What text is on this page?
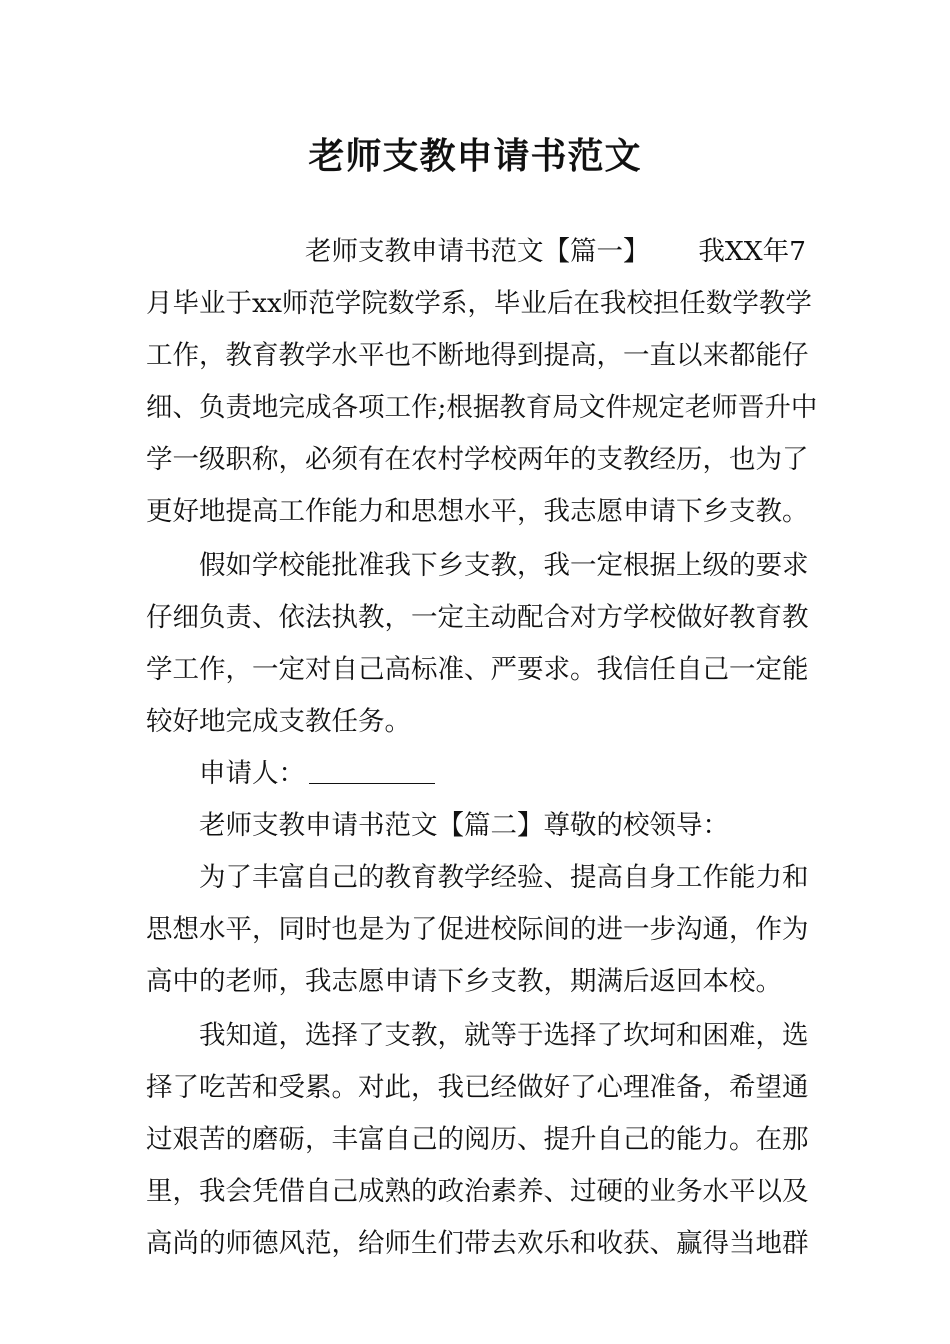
老师支教申请书范文
老师支教申请书范文【篇一】 我XX年7
月毕业于xx师范学院数学系，毕业后在我校担任数学教学
工作，教育教学水平也不断地得到提高，一直以来都能仔
细、负责地完成各项工作;根据教育局文件规定老师晋升中
学一级职称，必须有在农村学校两年的支教经历，也为了
更好地提高工作能力和思想水平，我志愿申请下乡支教。
假如学校能批准我下乡支教，我一定根据上级的要求
仔细负责、依法执教，一定主动配合对方学校做好教育教
学工作，一定对自己高标准、严要求。我信任自己一定能
较好地完成支教任务。
申请人：
老师支教申请书范文【篇二】尊敬的校领导：
为了丰富自己的教育教学经验、提高自身工作能力和
思想水平，同时也是为了促进校际间的进一步沟通，作为
高中的老师，我志愿申请下乡支教，期满后返回本校。
我知道，选择了支教，就等于选择了坎坷和困难，选
择了吃苦和受累。对此，我已经做好了心理准备，希望通
过艰苦的磨砺，丰富自己的阅历、提升自己的能力。在那
里，我会凭借自己成熟的政治素养、过硬的业务水平以及
高尚的师德风范，给师生们带去欢乐和收获、赢得当地群
